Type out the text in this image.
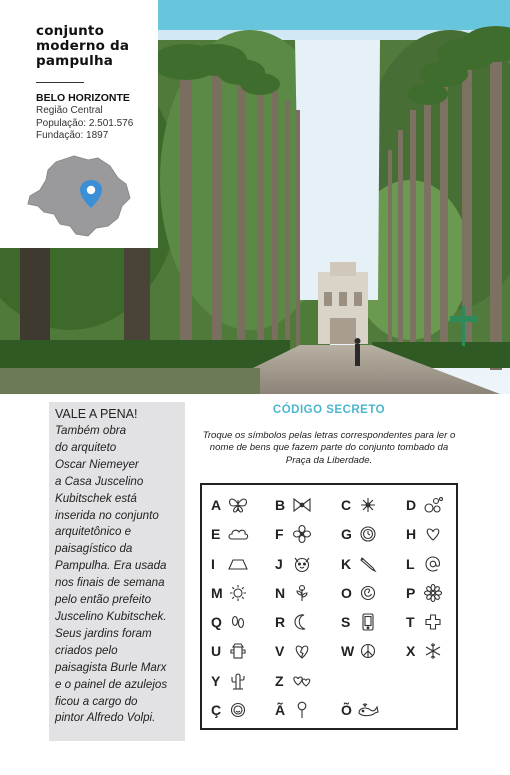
conjunto moderno da pampulha
BELO HORIZONTE
Região Central
População: 2.501.576
Fundação: 1897
VALE A PENA!

Também obra
do arquiteto
Oscar Niemeyer
a Casa Juscelino
Kubitschek está
inserida no conjunto
arquitetônico e
paisagístico da
Pampulha. Era usada
nos finais de semana
pelo então prefeito
Juscelino Kubitschek.
Seus jardins foram
criados pelo
paisagista Burle Marx
e o painel de azulejos
ficou a cargo do
pintor Alfredo Volpi.

CÓDIGO SECRETO

Troque os símbolos pelas letras correspondentes para ler o nome de bens que fazem parte do conjunto tombado da Praça da Liberdade.

A	B	C	D
E	F	G	H
I	J	K	L
M	N	O	P
Q	R	S	T
U	V	W	X
Y	Z
Ç	Ã	Õ
